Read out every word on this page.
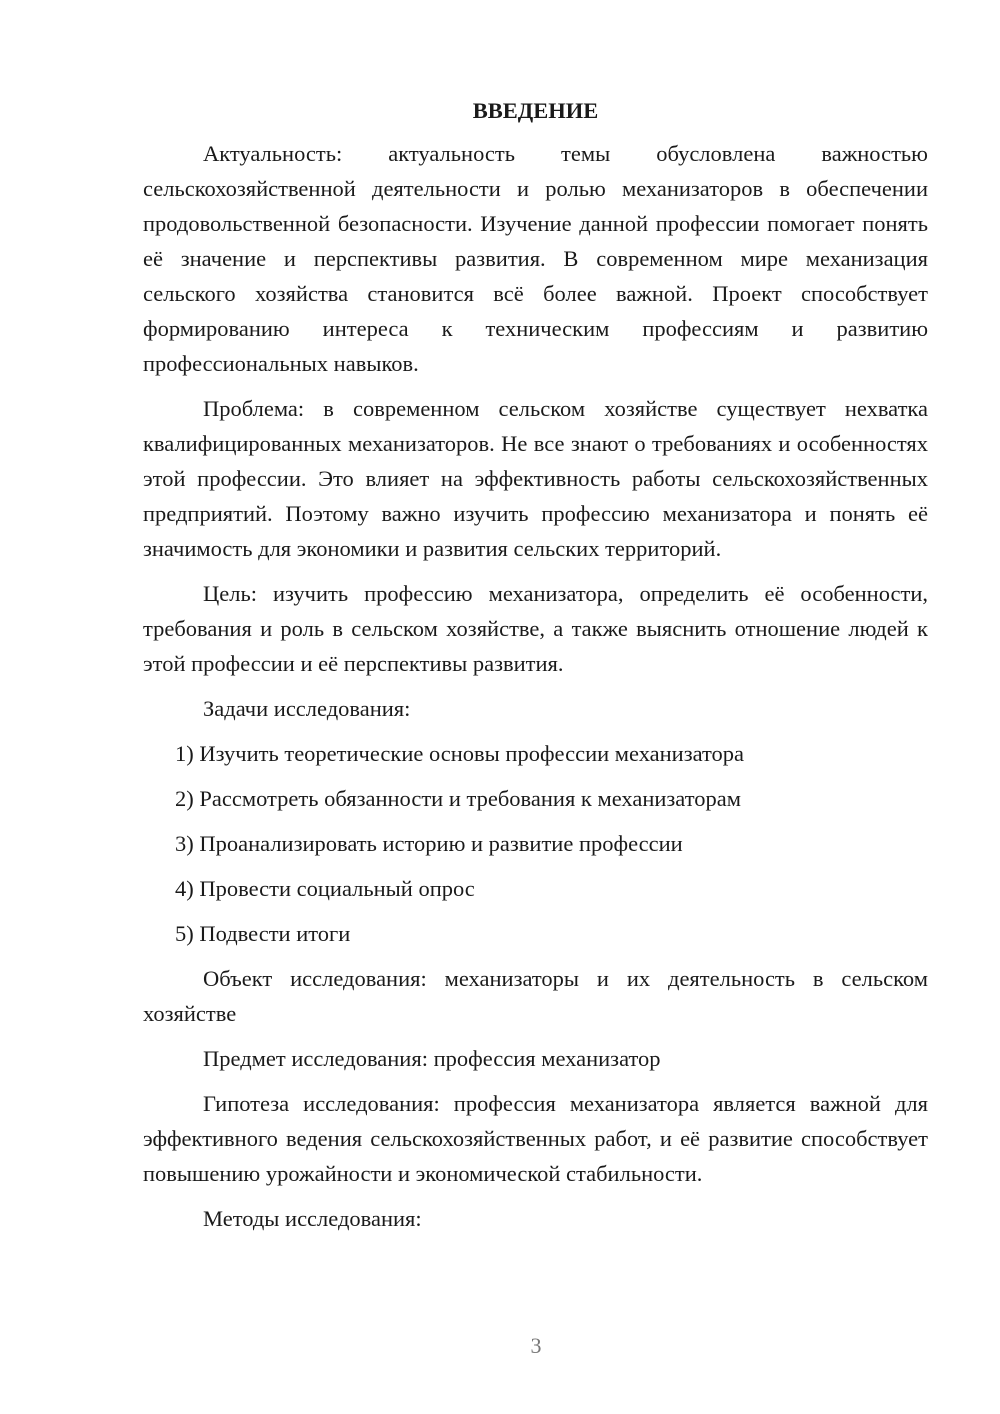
ВВЕДЕНИЕ

Актуальность: актуальность темы обусловлена важностью сельскохозяйственной деятельности и ролью механизаторов в обеспечении продовольственной безопасности. Изучение данной профессии помогает понять её значение и перспективы развития. В современном мире механизация сельского хозяйства становится всё более важной. Проект способствует формированию интереса к техническим профессиям и развитию профессиональных навыков.

Проблема: в современном сельском хозяйстве существует нехватка квалифицированных механизаторов. Не все знают о требованиях и особенностях этой профессии. Это влияет на эффективность работы сельскохозяйственных предприятий. Поэтому важно изучить профессию механизатора и понять её значимость для экономики и развития сельских территорий.

Цель: изучить профессию механизатора, определить её особенности, требования и роль в сельском хозяйстве, а также выяснить отношение людей к этой профессии и её перспективы развития.

Задачи исследования:

1) Изучить теоретические основы профессии механизатора
2) Рассмотреть обязанности и требования к механизаторам
3) Проанализировать историю и развитие профессии
4) Провести социальный опрос
5) Подвести итоги

Объект исследования: механизаторы и их деятельность в сельском хозяйстве

Предмет исследования: профессия механизатор

Гипотеза исследования: профессия механизатора является важной для эффективного ведения сельскохозяйственных работ, и её развитие способствует повышению урожайности и экономической стабильности.

Методы исследования:

3
